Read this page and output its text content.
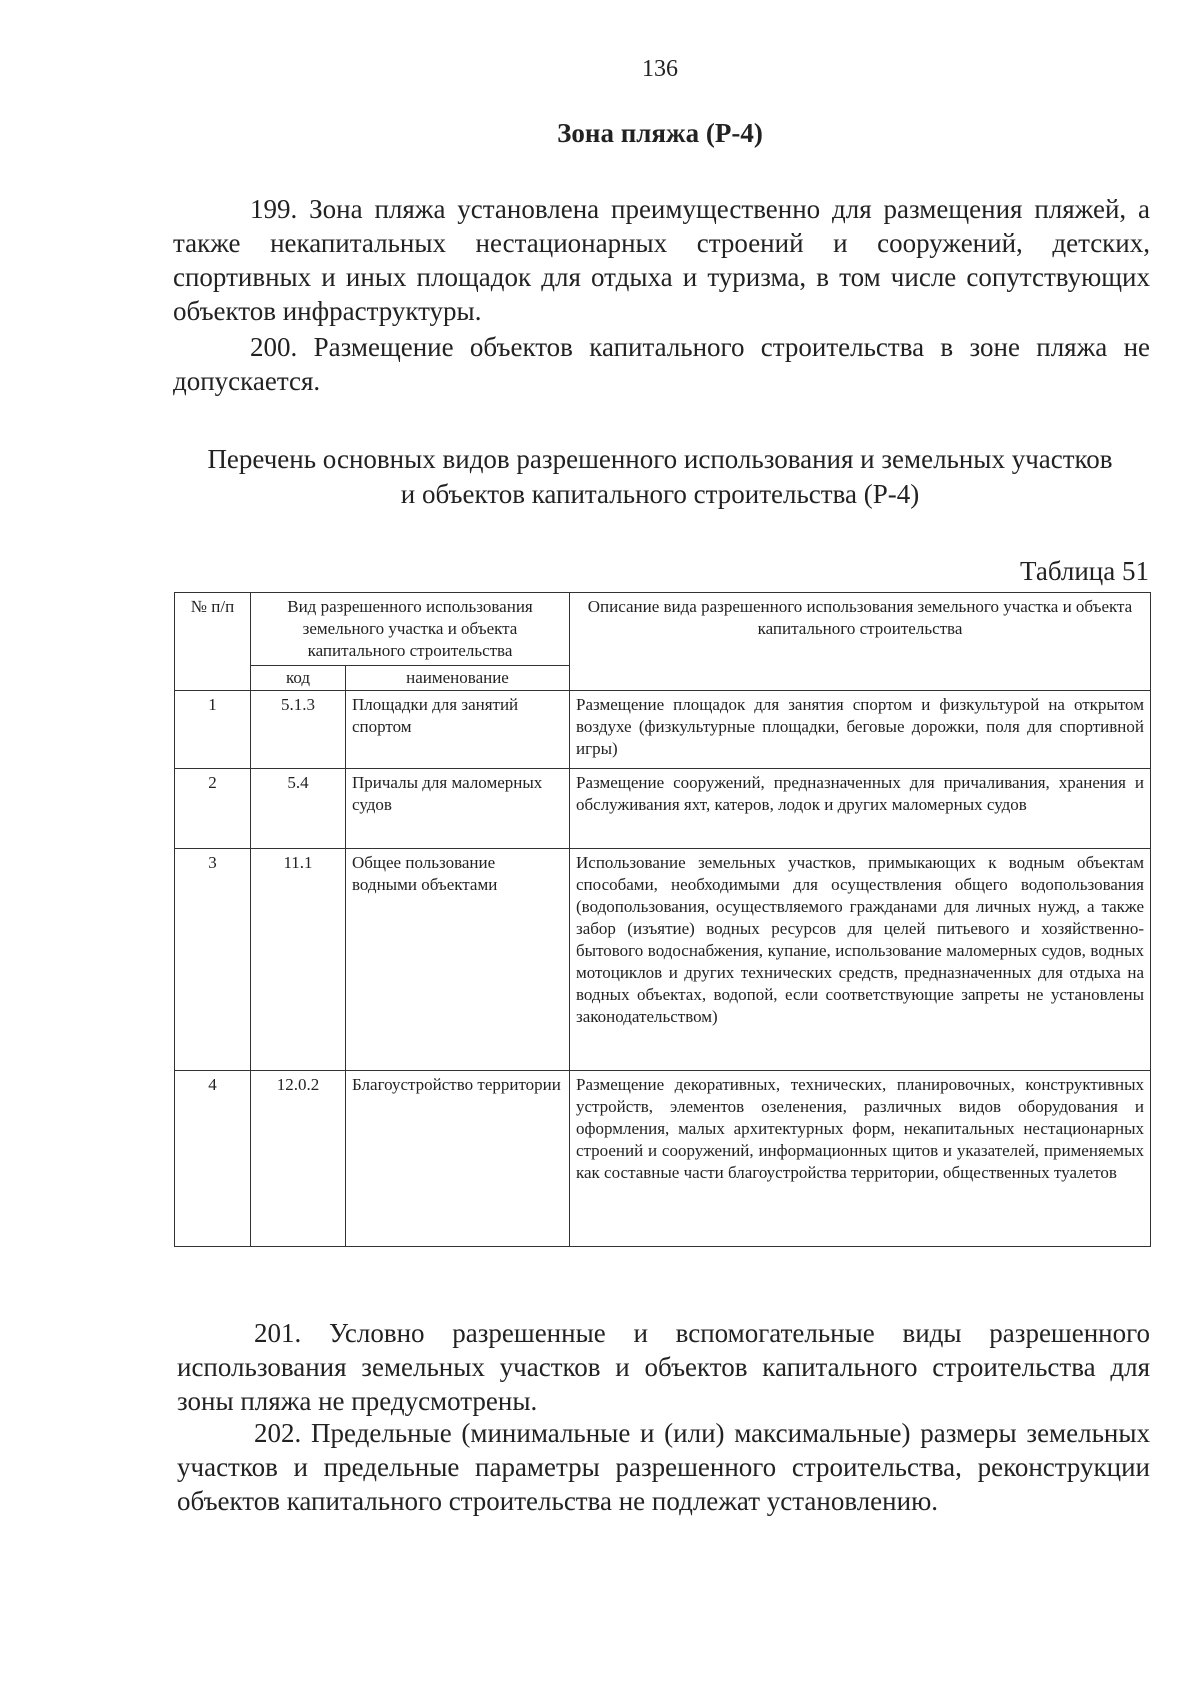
136
Зона пляжа (Р-4)

199. Зона пляжа установлена преимущественно для размещения пляжей, а также некапитальных нестационарных строений и сооружений, детских, спортивных и иных площадок для отдыха и туризма, в том числе сопутствующих объектов инфраструктуры.

200. Размещение объектов капитального строительства в зоне пляжа не допускается.

Перечень основных видов разрешенного использования и земельных участков
и объектов капитального строительства (Р-4)
Таблица 51
№ п/п	Вид разрешенного использования земельного участка и объекта капитального строительства		Описание вида разрешенного использования земельного участка и объекта капитального строительства
	код	наименование	
1	5.1.3	Площадки для занятий спортом	Размещение площадок для занятия спортом и физкультурой на открытом воздухе (физкультурные площадки, беговые дорожки, поля для спортивной игры)
2	5.4	Причалы для маломерных судов	Размещение сооружений, предназначенных для причаливания, хранения и обслуживания яхт, катеров, лодок и других маломерных судов
3	11.1	Общее пользование водными объектами	Использование земельных участков, примыкающих к водным объектам способами, необходимыми для осуществления общего водопользования (водопользования, осуществляемого гражданами для личных нужд, а также забор (изъятие) водных ресурсов для целей питьевого и хозяйственно-бытового водоснабжения, купание, использование маломерных судов, водных мотоциклов и других технических средств, предназначенных для отдыха на водных объектах, водопой, если соответствующие запреты не установлены законодательством)
4	12.0.2	Благоустройство территории	Размещение декоративных, технических, планировочных, конструктивных устройств, элементов озеленения, различных видов оборудования и оформления, малых архитектурных форм, некапитальных нестационарных строений и сооружений, информационных щитов и указателей, применяемых как составные части благоустройства территории, общественных туалетов

201. Условно разрешенные и вспомогательные виды разрешенного использования земельных участков и объектов капитального строительства для зоны пляжа не предусмотрены.

202. Предельные (минимальные и (или) максимальные) размеры земельных участков и предельные параметры разрешенного строительства, реконструкции объектов капитального строительства не подлежат установлению.
